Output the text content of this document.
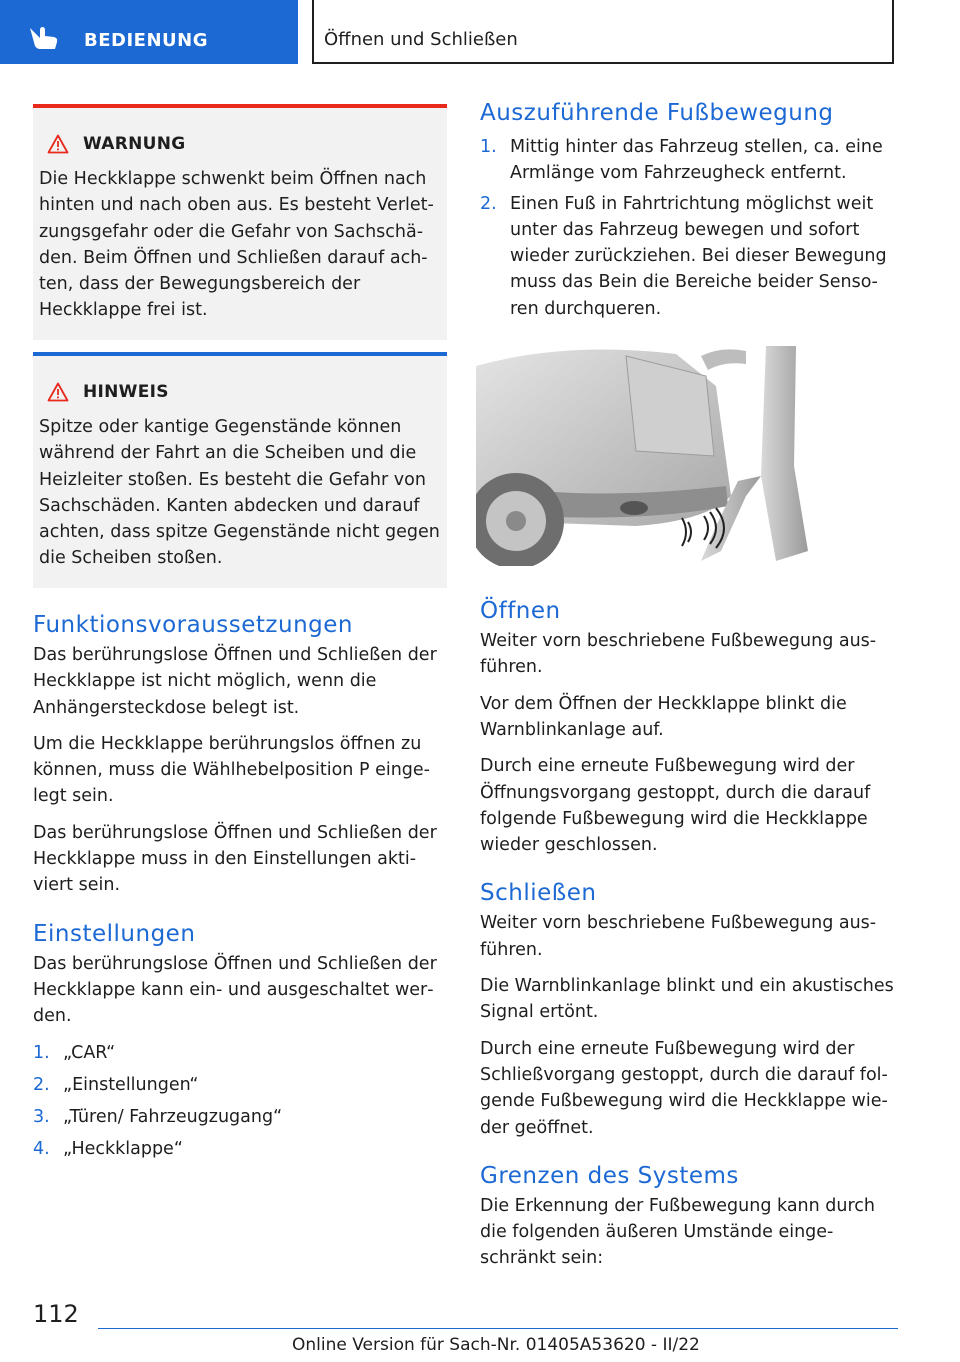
BEDIENUNG	Öffnen und Schließen
WARNUNG
Die Heckklappe schwenkt beim Öffnen nach hinten und nach oben aus. Es besteht Verletzungsgefahr oder die Gefahr von Sachschäden. Beim Öffnen und Schließen darauf achten, dass der Bewegungsbereich der Heckklappe frei ist.
HINWEIS
Spitze oder kantige Gegenstände können während der Fahrt an die Scheiben und die Heizleiter stoßen. Es besteht die Gefahr von Sachschäden. Kanten abdecken und darauf achten, dass spitze Gegenstände nicht gegen die Scheiben stoßen.
Funktionsvoraussetzungen

Das berührungslose Öffnen und Schließen der Heckklappe ist nicht möglich, wenn die Anhängersteckdose belegt ist.

Um die Heckklappe berührungslos öffnen zu können, muss die Wählhebelposition P eingelegt sein.

Das berührungslose Öffnen und Schließen der Heckklappe muss in den Einstellungen aktiviert sein.

Einstellungen

Das berührungslose Öffnen und Schließen der Heckklappe kann ein- und ausgeschaltet werden.

1. „CAR“
2. „Einstellungen“
3. „Türen/ Fahrzeugzugang“
4. „Heckklappe“
Auszuführende Fußbewegung
1. Mittig hinter das Fahrzeug stellen, ca. eine Armlänge vom Fahrzeugheck entfernt.
2. Einen Fuß in Fahrtrichtung möglichst weit unter das Fahrzeug bewegen und sofort wieder zurückziehen. Bei dieser Bewegung muss das Bein die Bereiche beider Sensoren durchqueren.
Öffnen

Weiter vorn beschriebene Fußbewegung ausführen.

Vor dem Öffnen der Heckklappe blinkt die Warnblinkanlage auf.

Durch eine erneute Fußbewegung wird der Öffnungsvorgang gestoppt, durch die darauf folgende Fußbewegung wird die Heckklappe wieder geschlossen.

Schließen

Weiter vorn beschriebene Fußbewegung ausführen.

Die Warnblinkanlage blinkt und ein akustisches Signal ertönt.

Durch eine erneute Fußbewegung wird der Schließvorgang gestoppt, durch die darauf folgende Fußbewegung wird die Heckklappe wieder geöffnet.

Grenzen des Systems

Die Erkennung der Fußbewegung kann durch die folgenden äußeren Umstände eingeschränkt sein:

112
Online Version für Sach-Nr. 01405A53620 - II/22
